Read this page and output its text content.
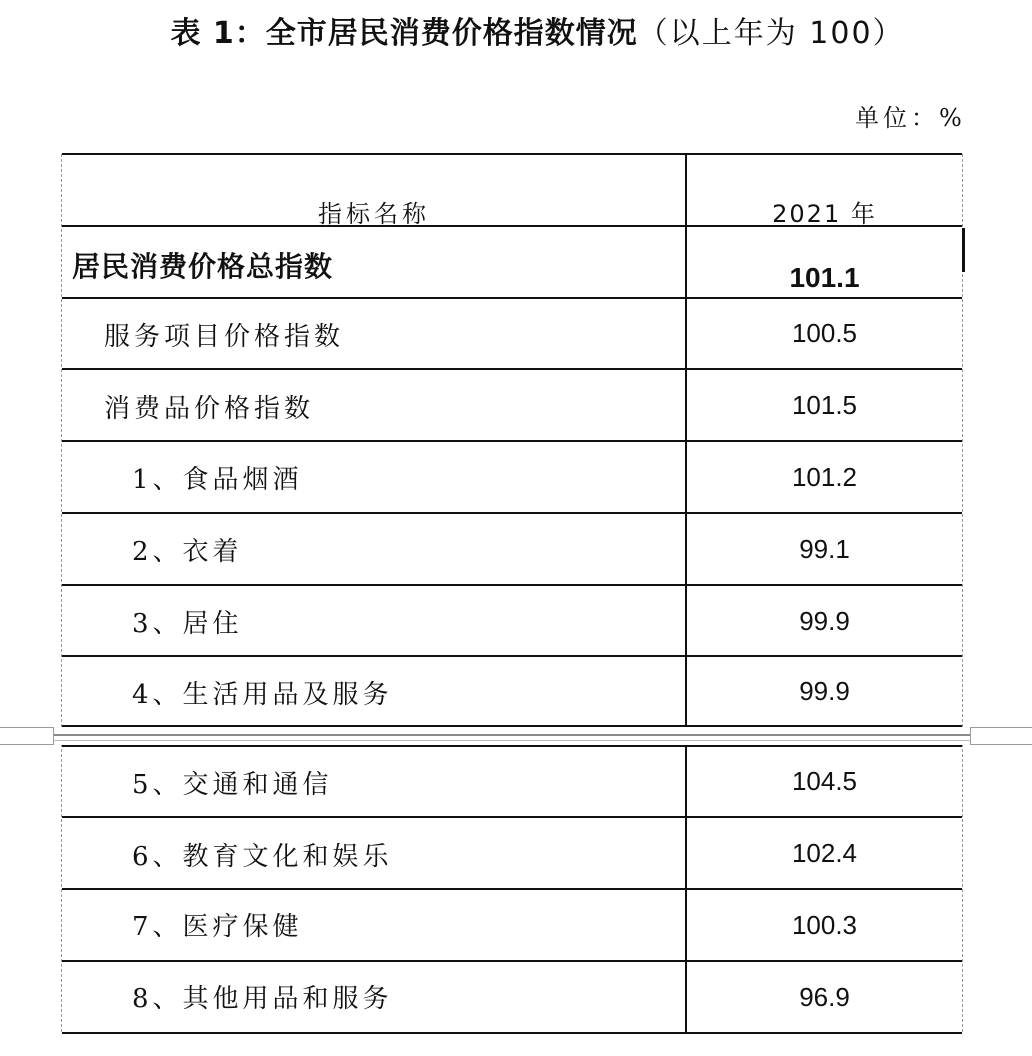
表 1：全市居民消费价格指数情况（以上年为 100）
单位：%
指标名称	2021 年
居民消费价格总指数	101.1
服务项目价格指数	100.5
消费品价格指数	101.5
1、食品烟酒	101.2
2、衣着	99.1
3、居住	99.9
4、生活用品及服务	99.9
5、交通和通信	104.5
6、教育文化和娱乐	102.4
7、医疗保健	100.3
8、其他用品和服务	96.9
